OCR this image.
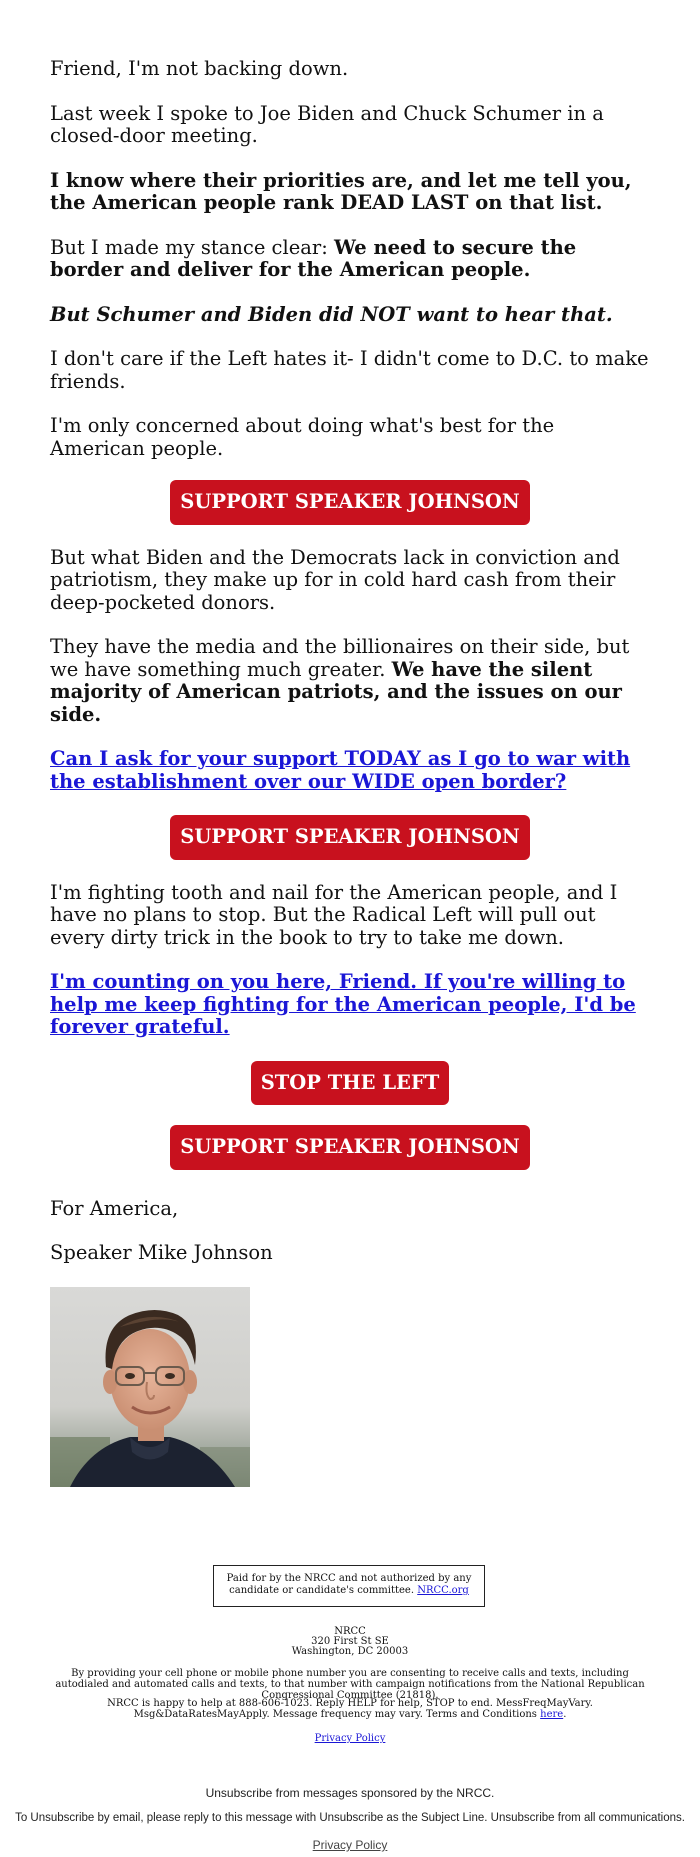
Friend, I'm not backing down.

Last week I spoke to Joe Biden and Chuck Schumer in a closed-door meeting.

I know where their priorities are, and let me tell you, the American people rank DEAD LAST on that list.

But I made my stance clear: We need to secure the border and deliver for the American people.

But Schumer and Biden did NOT want to hear that.

I don't care if the Left hates it- I didn't come to D.C. to make friends.

I'm only concerned about doing what's best for the American people.

SUPPORT SPEAKER JOHNSON

But what Biden and the Democrats lack in conviction and patriotism, they make up for in cold hard cash from their deep-pocketed donors.

They have the media and the billionaires on their side, but we have something much greater. We have the silent majority of American patriots, and the issues on our side.

Can I ask for your support TODAY as I go to war with the establishment over our WIDE open border?

SUPPORT SPEAKER JOHNSON

I'm fighting tooth and nail for the American people, and I have no plans to stop. But the Radical Left will pull out every dirty trick in the book to try to take me down.

I'm counting on you here, Friend. If you're willing to help me keep fighting for the American people, I'd be forever grateful.

STOP THE LEFT
SUPPORT SPEAKER JOHNSON

For America,

Speaker Mike Johnson

Paid for by the NRCC and not authorized by any candidate or candidate's committee. NRCC.org
NRCC
320 First St SE
Washington, DC 20003
By providing your cell phone or mobile phone number you are consenting to receive calls and texts, including autodialed and automated calls and texts, to that number with campaign notifications from the National Republican Congressional Committee (21818).
NRCC is happy to help at 888-606-1023. Reply HELP for help, STOP to end. MessFreqMayVary. Msg&DataRatesMayApply. Message frequency may vary. Terms and Conditions here.
Privacy Policy
Unsubscribe from messages sponsored by the NRCC.
To Unsubscribe by email, please reply to this message with Unsubscribe as the Subject Line. Unsubscribe from all communications.
Privacy Policy
